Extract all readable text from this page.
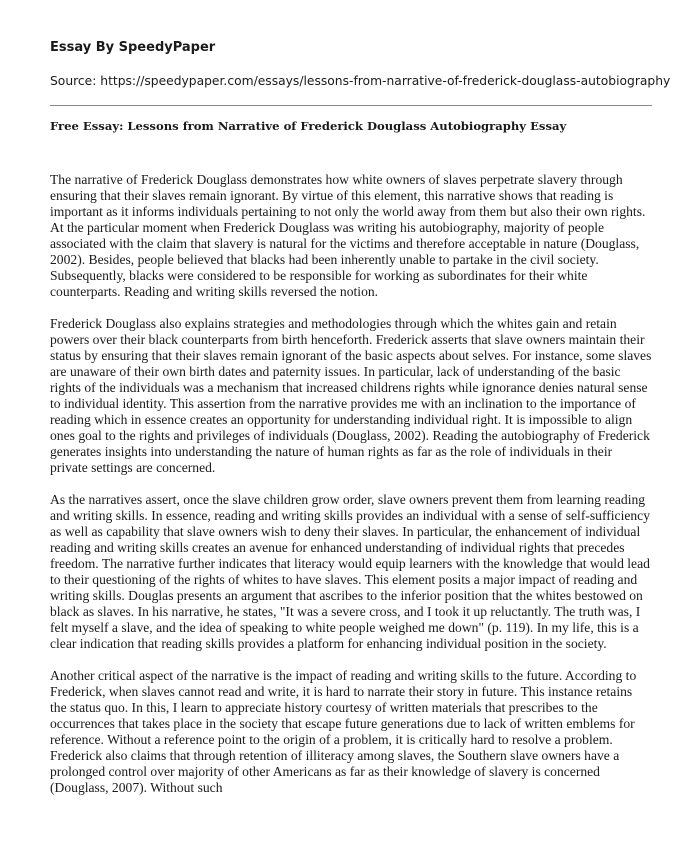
Essay By SpeedyPaper

Source: https://speedypaper.com/essays/lessons-from-narrative-of-frederick-douglass-autobiography

Free Essay: Lessons from Narrative of Frederick Douglass Autobiography Essay

The narrative of Frederick Douglass demonstrates how white owners of slaves perpetrate slavery through ensuring that their slaves remain ignorant. By virtue of this element, this narrative shows that reading is important as it informs individuals pertaining to not only the world away from them but also their own rights. At the particular moment when Frederick Douglass was writing his autobiography, majority of people associated with the claim that slavery is natural for the victims and therefore acceptable in nature (Douglass, 2002). Besides, people believed that blacks had been inherently unable to partake in the civil society. Subsequently, blacks were considered to be responsible for working as subordinates for their white counterparts. Reading and writing skills reversed the notion.

Frederick Douglass also explains strategies and methodologies through which the whites gain and retain powers over their black counterparts from birth henceforth. Frederick asserts that slave owners maintain their status by ensuring that their slaves remain ignorant of the basic aspects about selves. For instance, some slaves are unaware of their own birth dates and paternity issues. In particular, lack of understanding of the basic rights of the individuals was a mechanism that increased childrens rights while ignorance denies natural sense to individual identity. This assertion from the narrative provides me with an inclination to the importance of reading which in essence creates an opportunity for understanding individual right. It is impossible to align ones goal to the rights and privileges of individuals (Douglass, 2002). Reading the autobiography of Frederick generates insights into understanding the nature of human rights as far as the role of individuals in their private settings are concerned.

As the narratives assert, once the slave children grow order, slave owners prevent them from learning reading and writing skills. In essence, reading and writing skills provides an individual with a sense of self-sufficiency as well as capability that slave owners wish to deny their slaves. In particular, the enhancement of individual reading and writing skills creates an avenue for enhanced understanding of individual rights that precedes freedom. The narrative further indicates that literacy would equip learners with the knowledge that would lead to their questioning of the rights of whites to have slaves. This element posits a major impact of reading and writing skills. Douglas presents an argument that ascribes to the inferior position that the whites bestowed on black as slaves. In his narrative, he states, "It was a severe cross, and I took it up reluctantly. The truth was, I felt myself a slave, and the idea of speaking to white people weighed me down" (p. 119). In my life, this is a clear indication that reading skills provides a platform for enhancing individual position in the society.

Another critical aspect of the narrative is the impact of reading and writing skills to the future. According to Frederick, when slaves cannot read and write, it is hard to narrate their story in future. This instance retains the status quo. In this, I learn to appreciate history courtesy of written materials that prescribes to the occurrences that takes place in the society that escape future generations due to lack of written emblems for reference. Without a reference point to the origin of a problem, it is critically hard to resolve a problem. Frederick also claims that through retention of illiteracy among slaves, the Southern slave owners have a prolonged control over majority of other Americans as far as their knowledge of slavery is concerned (Douglass, 2007). Without such
